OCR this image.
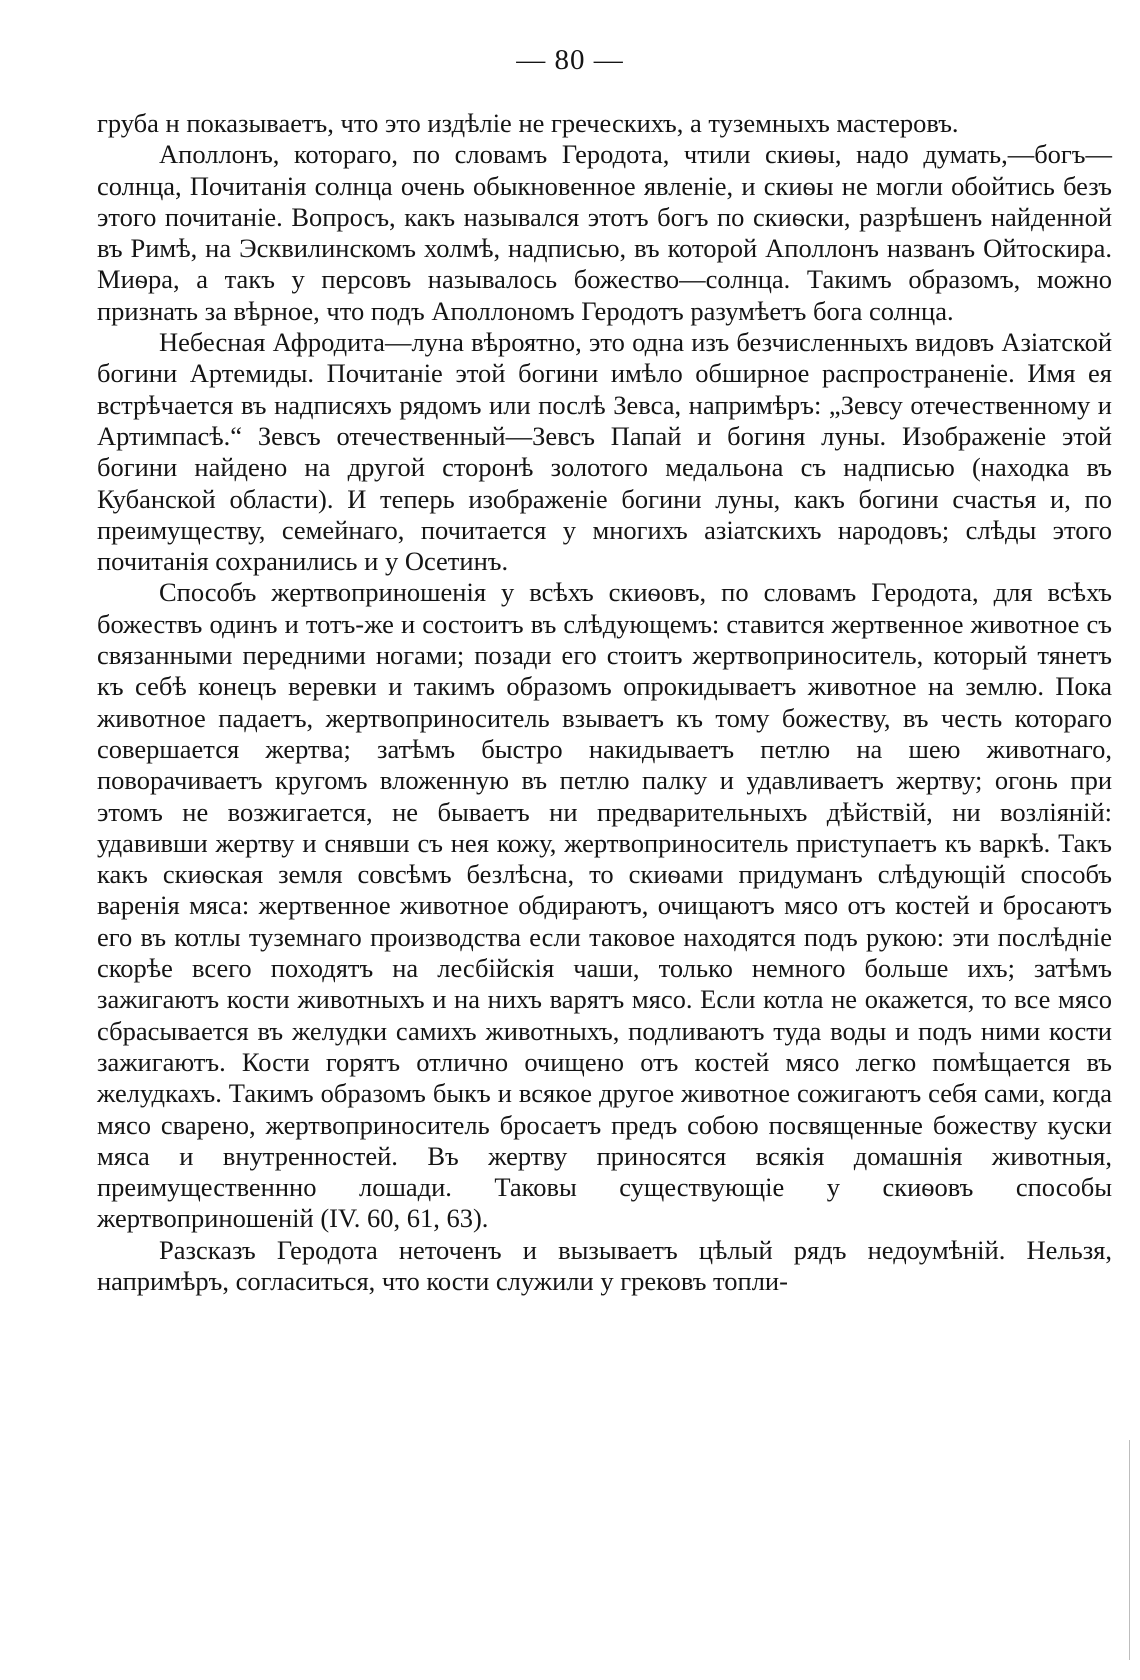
— 80 —

груба н показываетъ, что это издѣліе не греческихъ, а туземныхъ мастеровъ.

Аполлонъ, котораго, по словамъ Геродота, чтили скиѳы, надо думать,—богъ—солнца, Почитанія солнца очень обыкновенное явленіе, и скиѳы не могли обойтись безъ этого почитаніе. Вопросъ, какъ назывался этотъ богъ по скиѳски, разрѣшенъ найденной въ Римѣ, на Эсквилинскомъ холмѣ, надписью, въ которой Аполлонъ названъ Ойтоскира. Миѳра, а такъ у персовъ называлось божество—солнца. Такимъ образомъ, можно признать за вѣрное, что подъ Аполлономъ Геродотъ разумѣетъ бога солнца.

Небесная Афродита—луна вѣроятно, это одна изъ безчисленныхъ видовъ Азіатской богини Артемиды. Почитаніе этой богини имѣло обширное распространеніе. Имя ея встрѣчается въ надписяхъ рядомъ или послѣ Зевса, напримѣръ: „Зевсу отечественному и Артимпасѣ.“ Зевсъ отечественный—Зевсъ Папай и богиня луны. Изображеніе этой богини найдено на другой сторонѣ золотого медальона съ надписью (находка въ Кубанской области). И теперь изображеніе богини луны, какъ богини счастья и, по преимуществу, семейнаго, почитается у многихъ азіатскихъ народовъ; слѣды этого почитанія сохранились и у Осетинъ.

Способъ жертвоприношенія у всѣхъ скиѳовъ, по словамъ Геродота, для всѣхъ божествъ одинъ и тотъ-же и состоитъ въ слѣдующемъ: ставится жертвенное животное съ связанными передними ногами; позади его стоитъ жертвоприноситель, который тянетъ къ себѣ конецъ веревки и такимъ образомъ опрокидываетъ животное на землю. Пока животное падаетъ, жертвоприноситель взываетъ къ тому божеству, въ честь котораго совершается жертва; затѣмъ быстро накидываетъ петлю на шею животнаго, поворачиваетъ кругомъ вложенную въ петлю палку и удавливаетъ жертву; огонь при этомъ не возжигается, не бываетъ ни предварительныхъ дѣйствій, ни возліяній: удавивши жертву и снявши съ нея кожу, жертвоприноситель приступаетъ къ варкѣ. Такъ какъ скиѳская земля совсѣмъ безлѣсна, то скиѳами придуманъ слѣдующій способъ варенія мяса: жертвенное животное обдираютъ, очищаютъ мясо отъ костей и бросаютъ его въ котлы туземнаго производства если таковое находятся подъ рукою: эти послѣдніе скорѣе всего походятъ на лесбійскія чаши, только немного больше ихъ; затѣмъ зажигаютъ кости животныхъ и на нихъ варятъ мясо. Если котла не окажется, то все мясо сбрасывается въ желудки самихъ животныхъ, подливаютъ туда воды и подъ ними кости зажигаютъ. Кости горятъ отлично очищено отъ костей мясо легко помѣщается въ желудкахъ. Такимъ образомъ быкъ и всякое другое животное сожигаютъ себя сами, когда мясо сварено, жертвоприноситель бросаетъ предъ собою посвященные божеству куски мяса и внутренностей. Въ жертву приносятся всякія домашнія животныя, преимущественнно лошади. Таковы существующіе у скиѳовъ способы жертвоприношеній (IV. 60, 61, 63).

Разсказъ Геродота неточенъ и вызываетъ цѣлый рядъ недоумѣній. Нельзя, напримѣръ, согласиться, что кости служили у грековъ топли-
